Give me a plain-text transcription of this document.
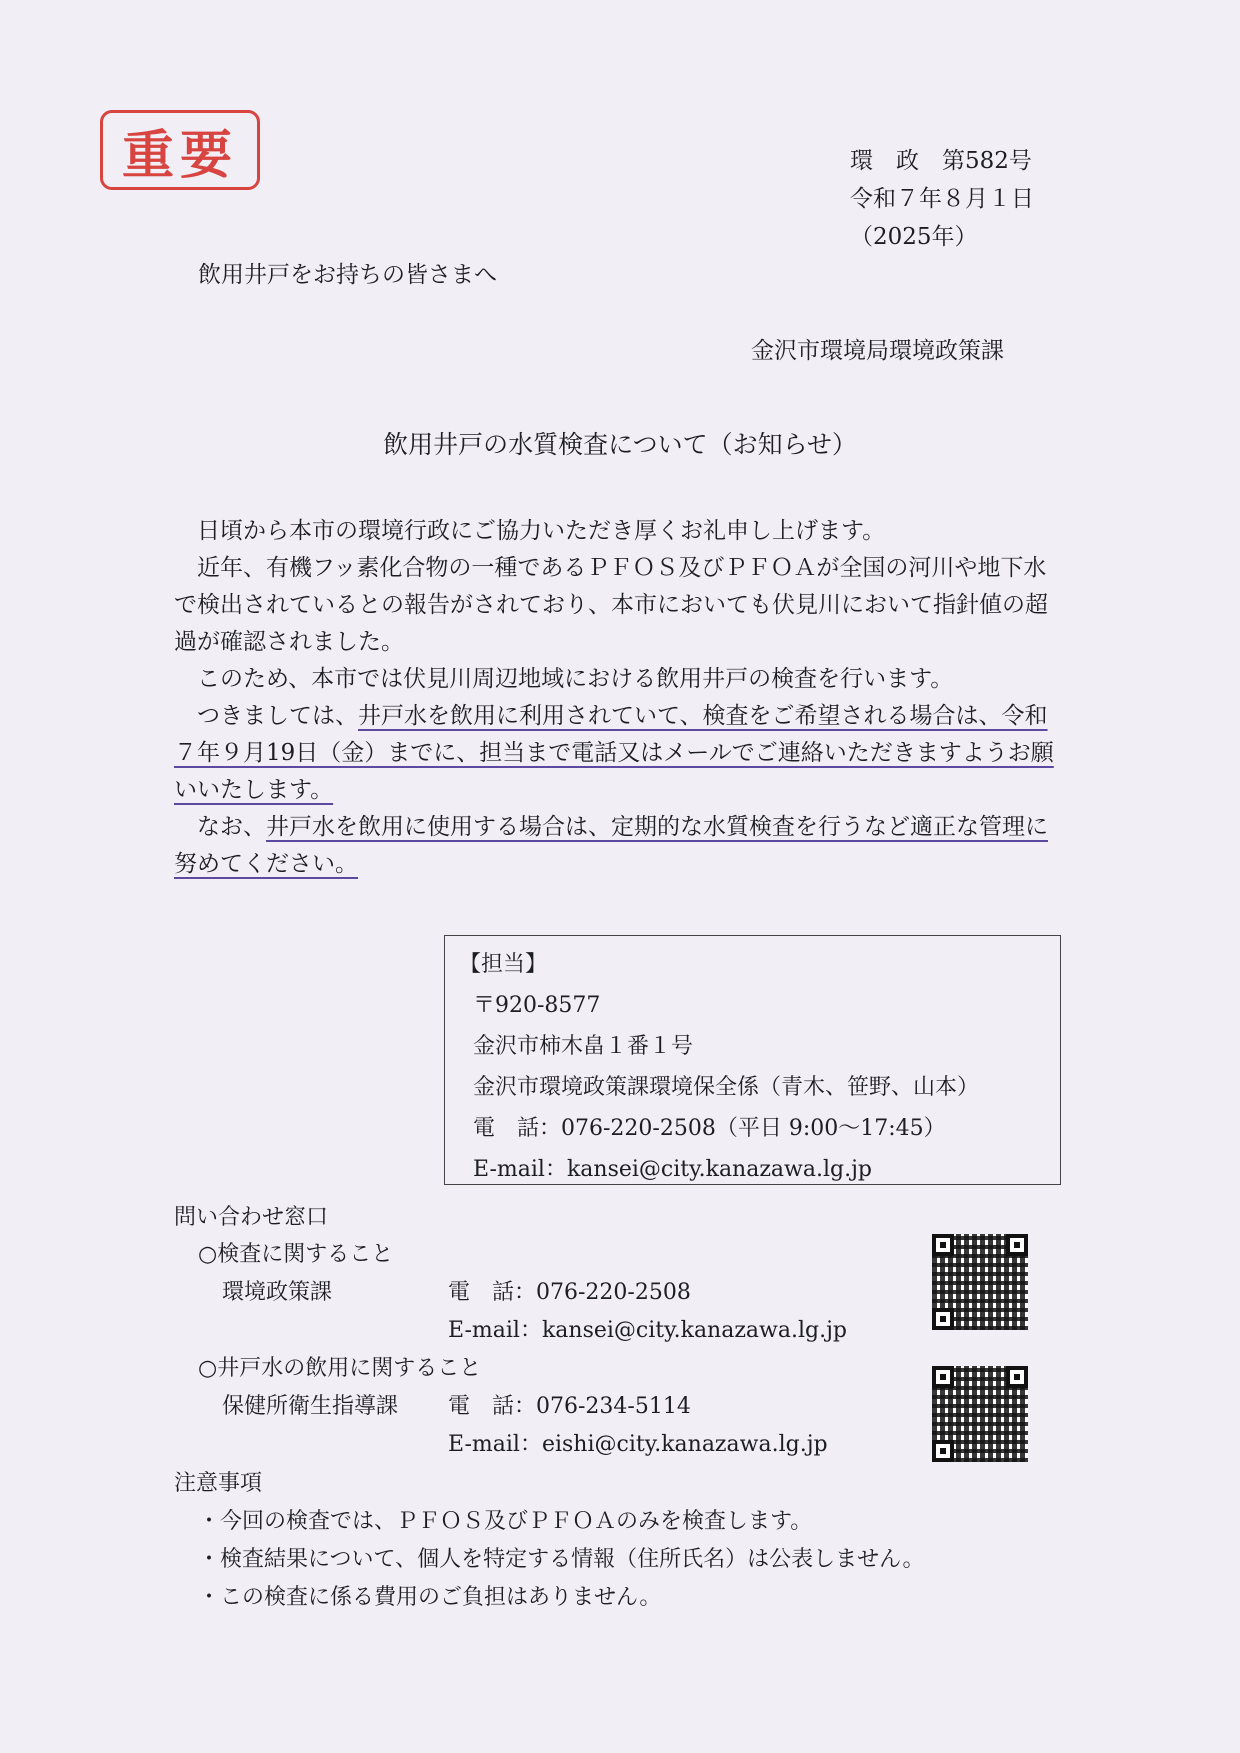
重要	環　政　第582号
令和７年８月１日
（2025年）
飲用井戸をお持ちの皆さまへ
金沢市環境局環境政策課
飲用井戸の水質検査について（お知らせ）

日頃から本市の環境行政にご協力いただき厚くお礼申し上げます。

近年、有機フッ素化合物の一種であるＰＦＯＳ及びＰＦＯＡが全国の河川や地下水で検出されているとの報告がされており、本市においても伏見川において指針値の超過が確認されました。

このため、本市では伏見川周辺地域における飲用井戸の検査を行います。

つきましては、井戸水を飲用に利用されていて、検査をご希望される場合は、令和７年９月19日（金）までに、担当まで電話又はメールでご連絡いただきますようお願いいたします。

なお、井戸水を飲用に使用する場合は、定期的な水質検査を行うなど適正な管理に努めてください。

【担当】
〒920-8577
金沢市柿木畠１番１号
金沢市環境政策課環境保全係（青木、笹野、山本）
電　話：076-220-2508（平日 9:00～17:45）
E-mail：kansei@city.kanazawa.lg.jp
問い合わせ窓口
○検査に関すること
環境政策課	電　話：076-220-2508
E-mail：kansei@city.kanazawa.lg.jp
○井戸水の飲用に関すること
保健所衛生指導課 電　話：076-234-5114
E-mail：eishi@city.kanazawa.lg.jp
注意事項
・今回の検査では、ＰＦＯＳ及びＰＦＯＡのみを検査します。
・検査結果について、個人を特定する情報（住所氏名）は公表しません。
・この検査に係る費用のご負担はありません。
